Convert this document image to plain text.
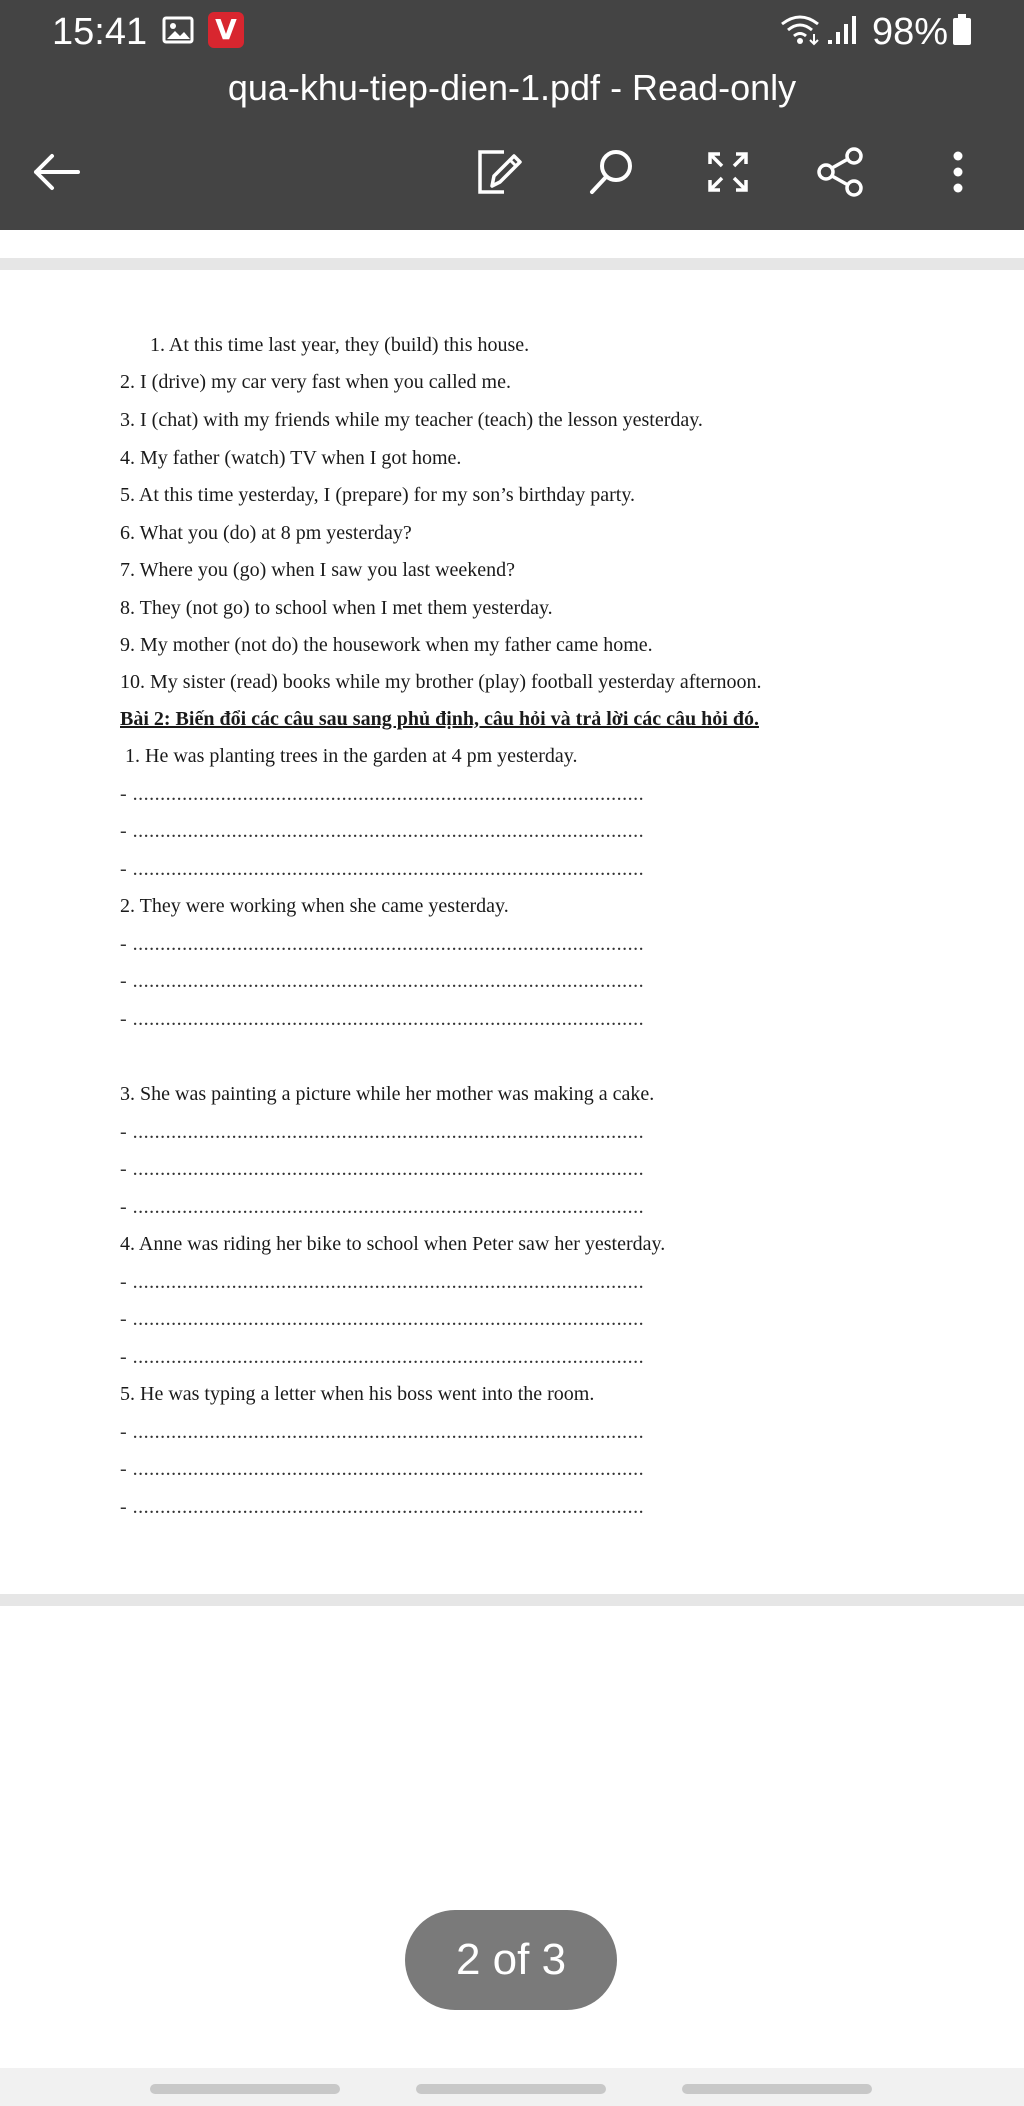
15:41 V	98%
qua-khu-tiep-dien-1.pdf - Read-only
1. At this time last year, they (build) this house.
2. I (drive) my car very fast when you called me.
3. I (chat) with my friends while my teacher (teach) the lesson yesterday.
4. My father (watch) TV when I got home.
5. At this time yesterday, I (prepare) for my son’s birthday party.
6. What you (do) at 8 pm yesterday?
7. Where you (go) when I saw you last weekend?
8. They (not go) to school when I met them yesterday.
9. My mother (not do) the housework when my father came home.
10. My sister (read) books while my brother (play) football yesterday afternoon.
Bài 2: Biến đổi các câu sau sang phủ định, câu hỏi và trả lời các câu hỏi đó.
1. He was planting trees in the garden at 4 pm yesterday.
- .............................................................................................
- .............................................................................................
- .............................................................................................
2. They were working when she came yesterday.
- .............................................................................................
- .............................................................................................
- .............................................................................................
3. She was painting a picture while her mother was making a cake.
- .............................................................................................
- .............................................................................................
- .............................................................................................
4. Anne was riding her bike to school when Peter saw her yesterday.
- .............................................................................................
- .............................................................................................
- .............................................................................................
5. He was typing a letter when his boss went into the room.
- .............................................................................................
- .............................................................................................
- .............................................................................................
2 of 3
